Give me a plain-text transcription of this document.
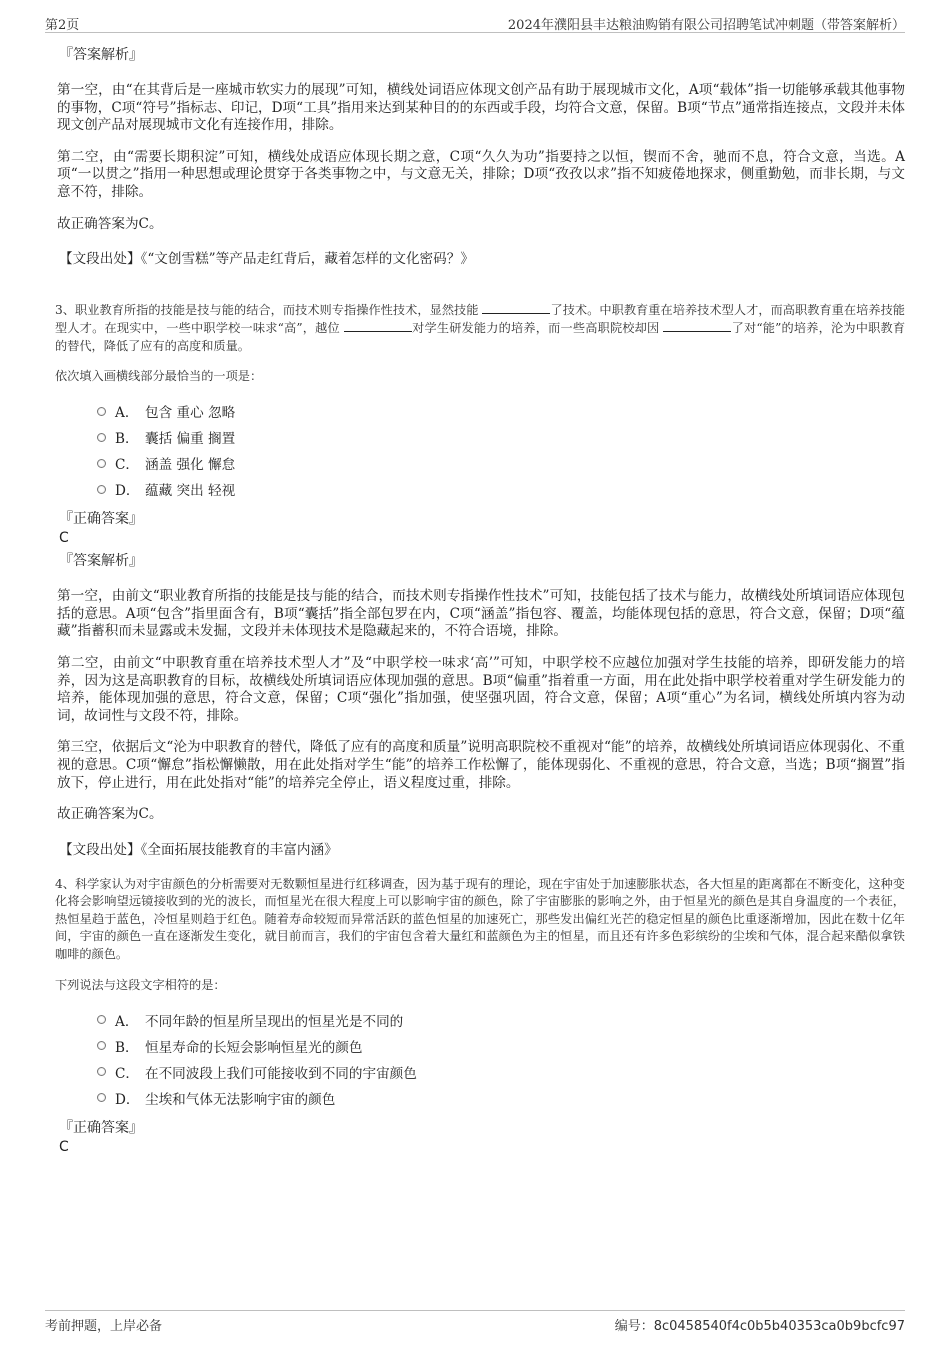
第2页	2024年濮阳县丰达粮油购销有限公司招聘笔试冲刺题（带答案解析）
『答案解析』

第一空，由“在其背后是一座城市软实力的展现”可知，横线处词语应体现文创产品有助于展现城市文化，A项“载体”指一切能够承载其他事物的事物，C项“符号”指标志、印记，D项“工具”指用来达到某种目的的东西或手段，均符合文意，保留。B项“节点”通常指连接点，文段并未体现文创产品对展现城市文化有连接作用，排除。

第二空，由“需要长期积淀”可知，横线处成语应体现长期之意，C项“久久为功”指要持之以恒，锲而不舍，驰而不息，符合文意，当选。A项“一以贯之”指用一种思想或理论贯穿于各类事物之中，与文意无关，排除；D项“孜孜以求”指不知疲倦地探求，侧重勤勉，而非长期，与文意不符，排除。

故正确答案为C。

【文段出处】《“文创雪糕”等产品走红背后，藏着怎样的文化密码？》

3、职业教育所指的技能是技与能的结合，而技术则专指操作性技术，显然技能	了技术。中职教育重在培养技术型人才，而高职教育重在培养技能型人才。在现实中，一些中职学校一味求“高”，越位	对学生研发能力的培养，而一些高职院校却因	了对“能”的培养，沦为中职教育的替代，降低了应有的高度和质量。

依次填入画横线部分最恰当的一项是：

A． 包含 重心 忽略
B． 囊括 偏重 搁置
C． 涵盖 强化 懈怠
D． 蕴藏 突出 轻视
『正确答案』
C
『答案解析』

第一空，由前文“职业教育所指的技能是技与能的结合，而技术则专指操作性技术”可知，技能包括了技术与能力，故横线处所填词语应体现包括的意思。A项“包含”指里面含有，B项“囊括”指全部包罗在内，C项“涵盖”指包容、覆盖，均能体现包括的意思，符合文意，保留；D项“蕴藏”指蓄积而未显露或未发掘，文段并未体现技术是隐藏起来的，不符合语境，排除。

第二空，由前文“中职教育重在培养技术型人才”及“中职学校一味求‘高’”可知，中职学校不应越位加强对学生技能的培养，即研发能力的培养，因为这是高职教育的目标，故横线处所填词语应体现加强的意思。B项“偏重”指着重一方面，用在此处指中职学校着重对学生研发能力的培养，能体现加强的意思，符合文意，保留；C项“强化”指加强，使坚强巩固，符合文意，保留；A项“重心”为名词，横线处所填内容为动词，故词性与文段不符，排除。

第三空，依据后文“沦为中职教育的替代，降低了应有的高度和质量”说明高职院校不重视对“能”的培养，故横线处所填词语应体现弱化、不重视的意思。C项“懈怠”指松懈懒散，用在此处指对学生“能”的培养工作松懈了，能体现弱化、不重视的意思，符合文意，当选；B项“搁置”指放下，停止进行，用在此处指对“能”的培养完全停止，语义程度过重，排除。

故正确答案为C。

【文段出处】《全面拓展技能教育的丰富内涵》

4、科学家认为对宇宙颜色的分析需要对无数颗恒星进行红移调查，因为基于现有的理论，现在宇宙处于加速膨胀状态，各大恒星的距离都在不断变化，这种变化将会影响望远镜接收到的光的波长，而恒星光在很大程度上可以影响宇宙的颜色，除了宇宙膨胀的影响之外，由于恒星光的颜色是其自身温度的一个表征，热恒星趋于蓝色，冷恒星则趋于红色。随着寿命较短而异常活跃的蓝色恒星的加速死亡，那些发出偏红光芒的稳定恒星的颜色比重逐渐增加，因此在数十亿年间，宇宙的颜色一直在逐渐发生变化，就目前而言，我们的宇宙包含着大量红和蓝颜色为主的恒星，而且还有许多色彩缤纷的尘埃和气体，混合起来酷似拿铁咖啡的颜色。

下列说法与这段文字相符的是：

A． 不同年龄的恒星所呈现出的恒星光是不同的
B． 恒星寿命的长短会影响恒星光的颜色
C． 在不同波段上我们可能接收到不同的宇宙颜色
D． 尘埃和气体无法影响宇宙的颜色
『正确答案』
C
考前押题，上岸必备	编号：8c0458540f4c0b5b40353ca0b9bcfc97
